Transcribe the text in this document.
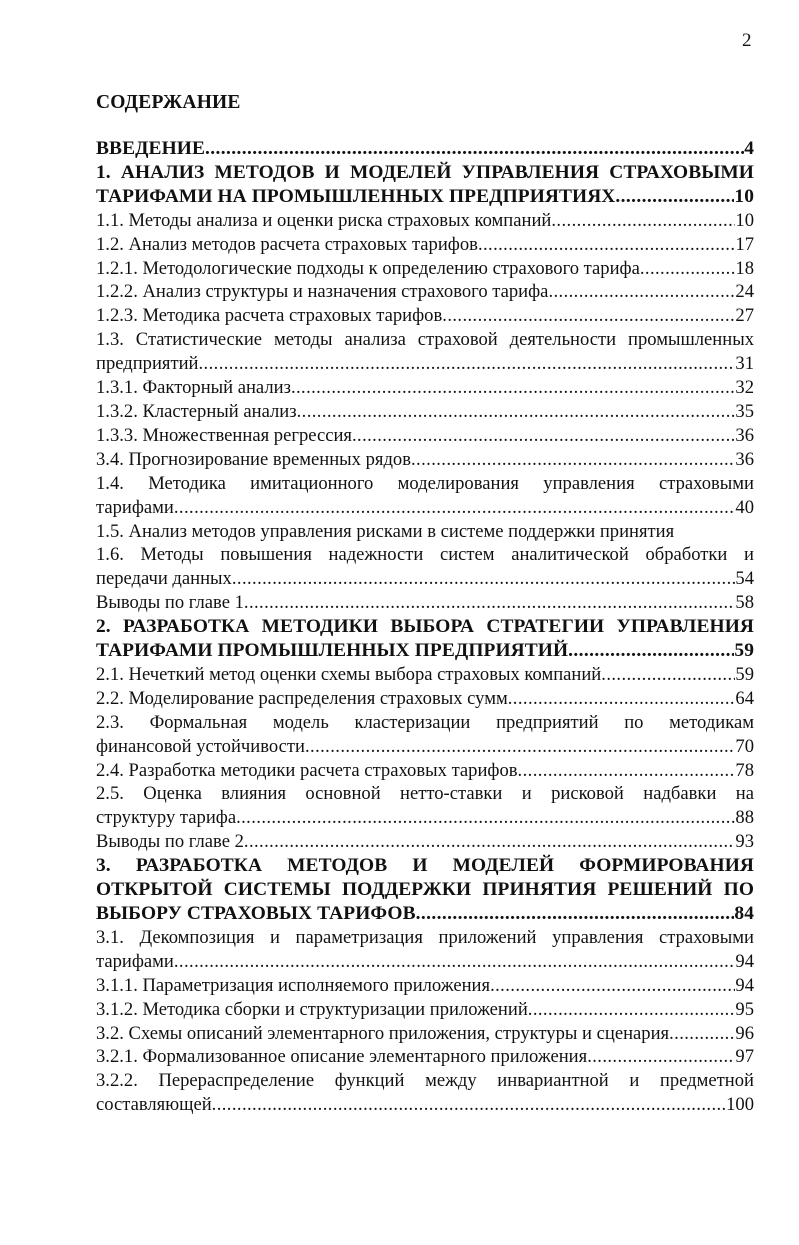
2
СОДЕРЖАНИЕ
ВВЕДЕНИЕ .....	4
1. АНАЛИЗ МЕТОДОВ И МОДЕЛЕЙ УПРАВЛЕНИЯ СТРАХОВЫМИ
ТАРИФАМИ НА ПРОМЫШЛЕННЫХ ПРЕДПРИЯТИЯХ .....	10
1.1. Методы анализа и оценки риска страховых компаний .....	10
1.2. Анализ методов расчета страховых тарифов .....	17
1.2.1. Методологические подходы к определению страхового тарифа .....	18
1.2.2. Анализ структуры и назначения страхового тарифа .....	24
1.2.3. Методика расчета страховых тарифов .....	27
1.3. Статистические методы анализа страховой деятельности промышленных
предприятий .....	31
1.3.1. Факторный анализ .....	32
1.3.2. Кластерный анализ .....	35
1.3.3. Множественная регрессия .....	36
3.4. Прогнозирование временных рядов .....	36
1.4. Методика имитационного моделирования управления страховыми
тарифами .....	40
1.5. Анализ методов управления рисками в системе поддержки принятия
1.6. Методы повышения надежности систем аналитической обработки и
передачи данных .....	54
Выводы по главе 1 .....	58
2. РАЗРАБОТКА МЕТОДИКИ ВЫБОРА СТРАТЕГИИ УПРАВЛЕНИЯ
ТАРИФАМИ ПРОМЫШЛЕННЫХ ПРЕДПРИЯТИЙ .....	59
2.1. Нечеткий метод оценки схемы выбора страховых компаний .....	59
2.2. Моделирование распределения страховых сумм .....	64
2.3. Формальная модель кластеризации предприятий по методикам
финансовой устойчивости .....	70
2.4. Разработка методики расчета страховых тарифов .....	78
2.5. Оценка влияния основной нетто-ставки и рисковой надбавки на
структуру тарифа .....	88
Выводы по главе 2 .....	93
3. РАЗРАБОТКА МЕТОДОВ И МОДЕЛЕЙ ФОРМИРОВАНИЯ
ОТКРЫТОЙ СИСТЕМЫ ПОДДЕРЖКИ ПРИНЯТИЯ РЕШЕНИЙ ПО
ВЫБОРУ СТРАХОВЫХ ТАРИФОВ .....	84
3.1. Декомпозиция и параметризация приложений управления страховыми
тарифами .....	94
3.1.1. Параметризация исполняемого приложения .....	94
3.1.2. Методика сборки и структуризации приложений .....	95
3.2. Схемы описаний элементарного приложения, структуры и сценария .....	96
3.2.1. Формализованное описание элементарного приложения .....	97
3.2.2. Перераспределение функций между инвариантной и предметной
составляющей .....	100
